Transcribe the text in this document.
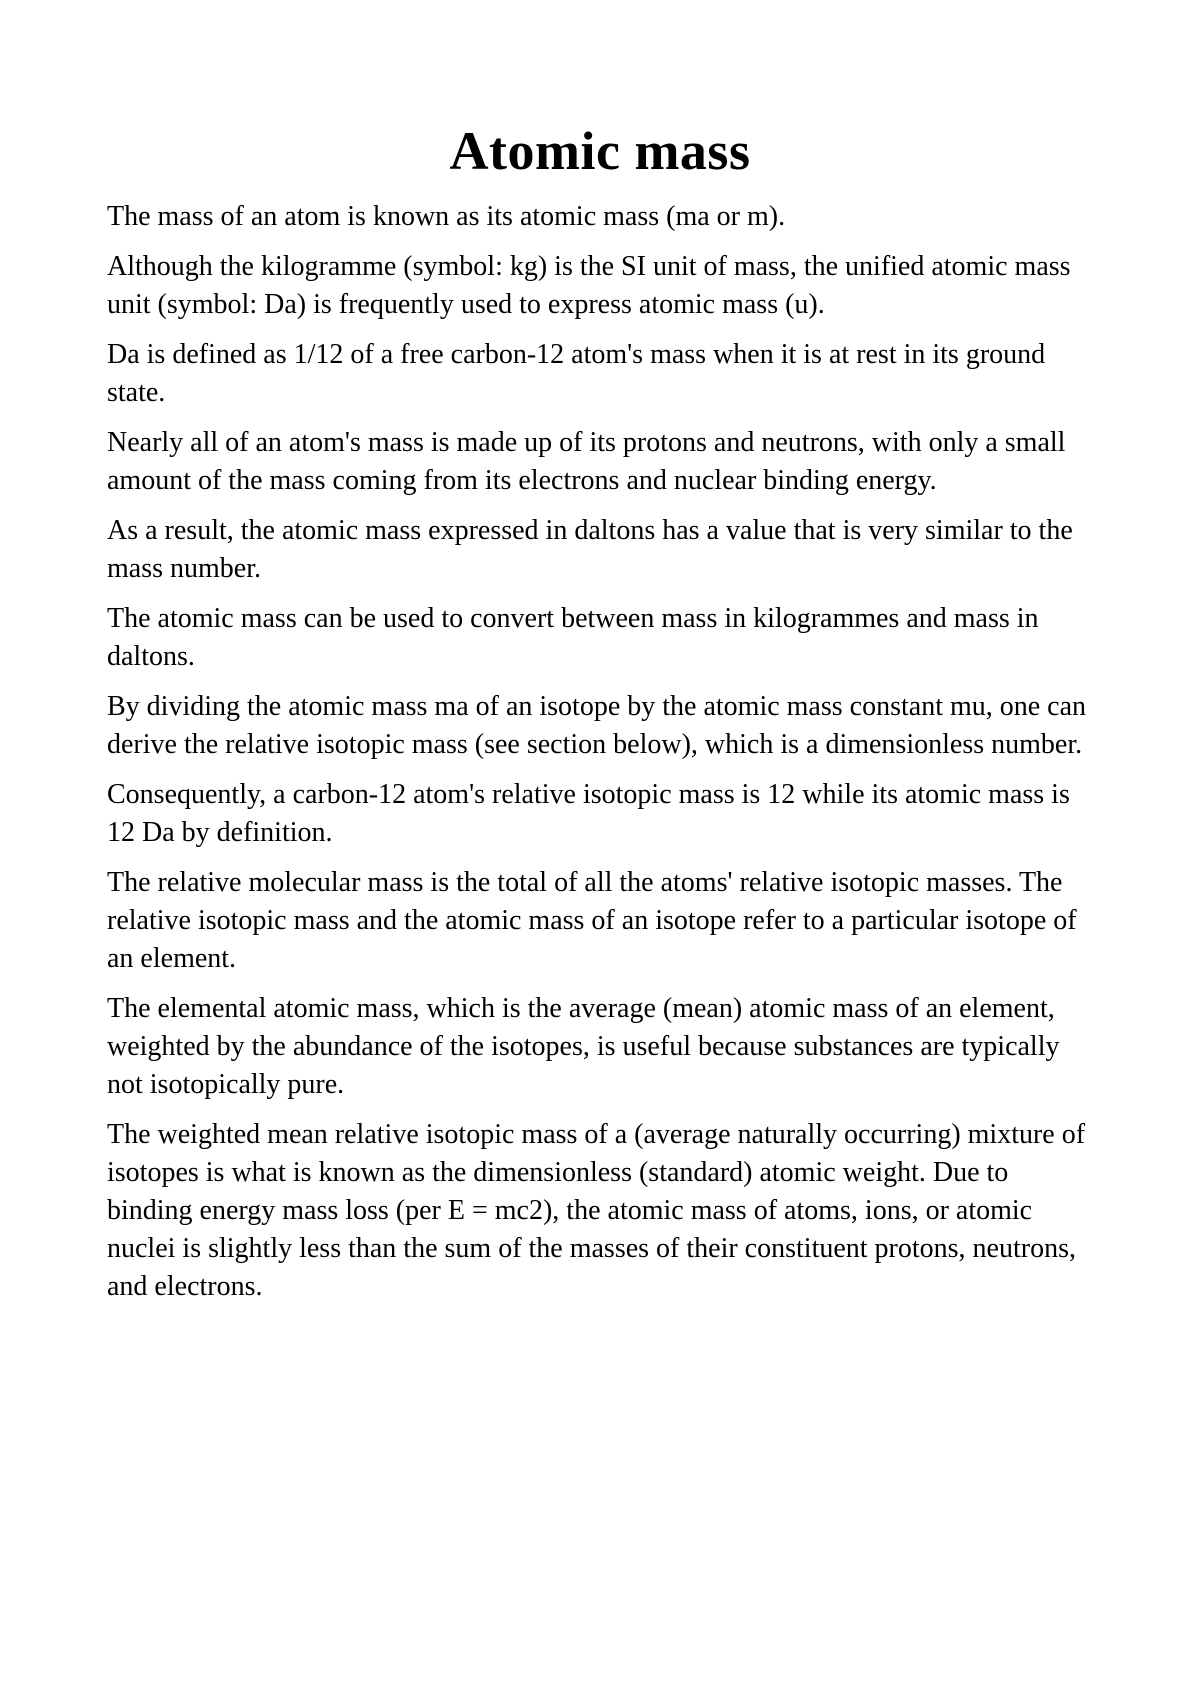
Atomic mass

The mass of an atom is known as its atomic mass (ma or m).

Although the kilogramme (symbol: kg) is the SI unit of mass, the unified atomic mass unit (symbol: Da) is frequently used to express atomic mass (u).

Da is defined as 1/12 of a free carbon-12 atom's mass when it is at rest in its ground state.

Nearly all of an atom's mass is made up of its protons and neutrons, with only a small amount of the mass coming from its electrons and nuclear binding energy.

As a result, the atomic mass expressed in daltons has a value that is very similar to the mass number.

The atomic mass can be used to convert between mass in kilogrammes and mass in daltons.

By dividing the atomic mass ma of an isotope by the atomic mass constant mu, one can derive the relative isotopic mass (see section below), which is a dimensionless number.

Consequently, a carbon-12 atom's relative isotopic mass is 12 while its atomic mass is 12 Da by definition.

The relative molecular mass is the total of all the atoms' relative isotopic masses. The relative isotopic mass and the atomic mass of an isotope refer to a particular isotope of an element.

The elemental atomic mass, which is the average (mean) atomic mass of an element, weighted by the abundance of the isotopes, is useful because substances are typically not isotopically pure.

The weighted mean relative isotopic mass of a (average naturally occurring) mixture of isotopes is what is known as the dimensionless (standard) atomic weight. Due to binding energy mass loss (per E = mc2), the atomic mass of atoms, ions, or atomic nuclei is slightly less than the sum of the masses of their constituent protons, neutrons, and electrons.
